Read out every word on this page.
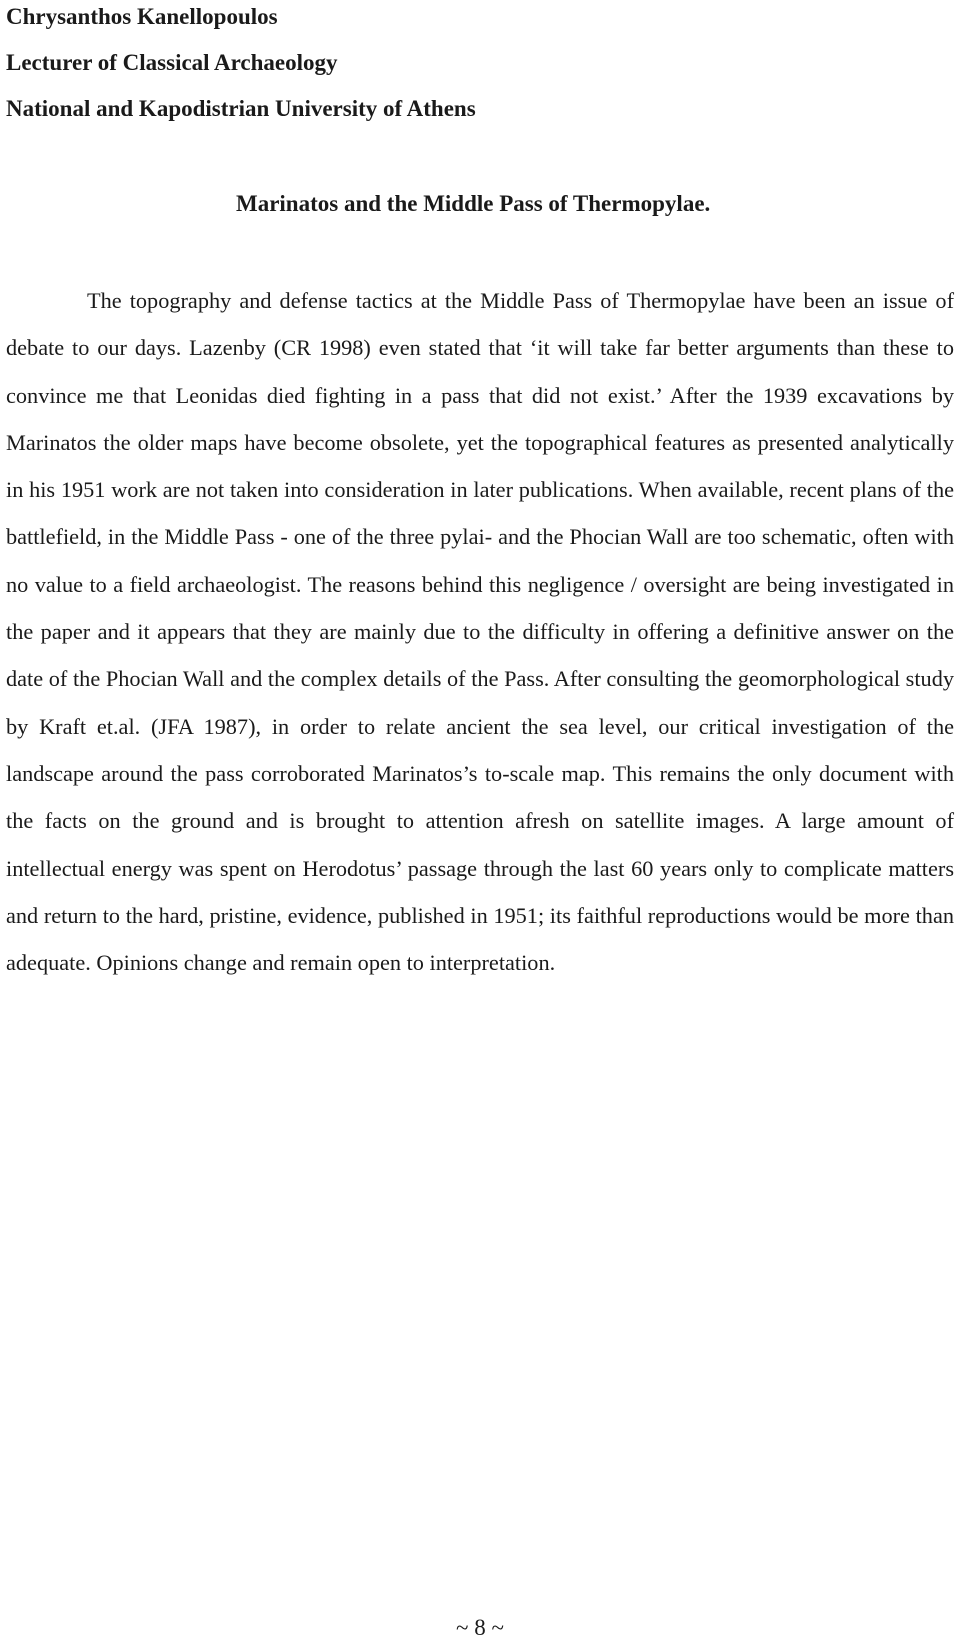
Chrysanthos Kanellopoulos
Lecturer of Classical Archaeology
National and Kapodistrian University of Athens
Marinatos and the Middle Pass of Thermopylae.

The topography and defense tactics at the Middle Pass of Thermopylae have been an issue of debate to our days. Lazenby (CR 1998) even stated that ‘it will take far better arguments than these to convince me that Leonidas died fighting in a pass that did not exist.’ After the 1939 excavations by Marinatos the older maps have become obsolete, yet the topographical features as presented analytically in his 1951 work are not taken into consideration in later publications. When available, recent plans of the battlefield, in the Middle Pass - one of the three pylai- and the Phocian Wall are too schematic, often with no value to a field archaeologist. The reasons behind this negligence / oversight are being investigated in the paper and it appears that they are mainly due to the difficulty in offering a definitive answer on the date of the Phocian Wall and the complex details of the Pass. After consulting the geomorphological study by Kraft et.al. (JFA 1987), in order to relate ancient the sea level, our critical investigation of the landscape around the pass corroborated Marinatos’s to-scale map. This remains the only document with the facts on the ground and is brought to attention afresh on satellite images. A large amount of intellectual energy was spent on Herodotus’ passage through the last 60 years only to complicate matters and return to the hard, pristine, evidence, published in 1951; its faithful reproductions would be more than adequate. Opinions change and remain open to interpretation.

~ 8 ~
